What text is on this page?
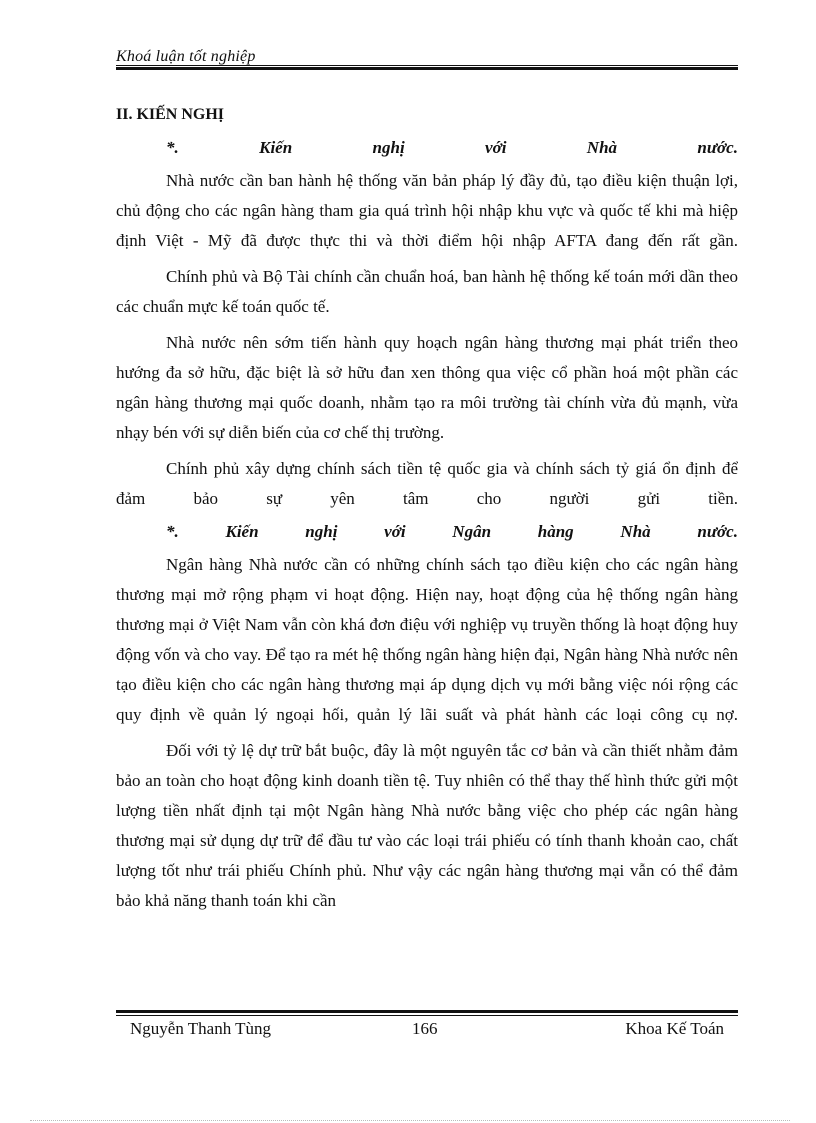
Khoá luận tốt nghiệp

II. KIẾN NGHỊ

*.	Kiến	nghị	với	Nhà	nước.

Nhà nước cần ban hành hệ thống văn bản pháp lý đầy đủ, tạo điều kiện thuận lợi, chủ động cho các ngân hàng tham gia quá trình hội nhập khu vực và quốc tế khi mà hiệp định Việt - Mỹ đã được thực thi và thời điểm hội nhập AFTA đang đến rất gần.

Chính phủ và Bộ Tài chính cần chuẩn hoá, ban hành hệ thống kế toán mới dần theo các chuẩn mực kế toán quốc tế.

Nhà nước nên sớm tiến hành quy hoạch ngân hàng thương mại phát triển theo hướng đa sở hữu, đặc biệt là sở hữu đan xen thông qua việc cổ phần hoá một phần các ngân hàng thương mại quốc doanh, nhằm tạo ra môi trường tài chính vừa đủ mạnh, vừa nhạy bén với sự diễn biến của cơ chế thị trường.

Chính phủ xây dựng chính sách tiền tệ quốc gia và chính sách tỷ giá ổn định để đảm bảo sự yên tâm cho người gửi tiền.

*.	Kiến	nghị	với	Ngân	hàng	Nhà	nước.

Ngân hàng Nhà nước cần có những chính sách tạo điều kiện cho các ngân hàng thương mại mở rộng phạm vi hoạt động. Hiện nay, hoạt động của hệ thống ngân hàng thương mại ở Việt Nam vẫn còn khá đơn điệu với nghiệp vụ truyền thống là hoạt động huy động vốn và cho vay. Để tạo ra mét hệ thống ngân hàng hiện đại, Ngân hàng Nhà nước nên tạo điều kiện cho các ngân hàng thương mại áp dụng dịch vụ mới bằng việc nói rộng các quy định về quản lý ngoại hối, quản lý lãi suất và phát hành các loại công cụ nợ.

Đối với tỷ lệ dự trữ bắt buộc, đây là một nguyên tắc cơ bản và cần thiết nhằm đảm bảo an toàn cho hoạt động kinh doanh tiền tệ. Tuy nhiên có thể thay thế hình thức gửi một lượng tiền nhất định tại một Ngân hàng Nhà nước bằng việc cho phép các ngân hàng thương mại sử dụng dự trữ để đầu tư vào các loại trái phiếu có tính thanh khoản cao, chất lượng tốt như trái phiếu Chính phủ. Như vậy các ngân hàng thương mại vẫn có thể đảm bảo khả năng thanh toán khi cần

Nguyễn Thanh Tùng	166	Khoa Kế Toán
